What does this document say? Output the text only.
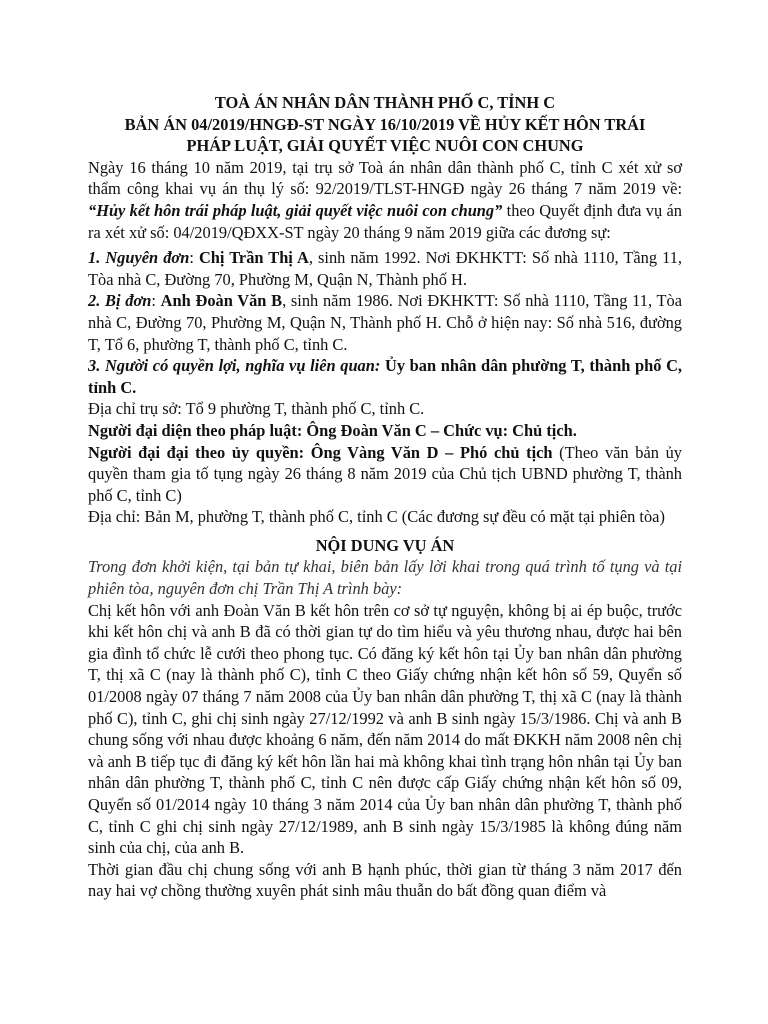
TOÀ ÁN NHÂN DÂN THÀNH PHỐ C, TỈNH C

BẢN ÁN 04/2019/HNGĐ-ST NGÀY 16/10/2019 VỀ HỦY KẾT HÔN TRÁI

PHÁP LUẬT, GIẢI QUYẾT VIỆC NUÔI CON CHUNG

Ngày 16 tháng 10 năm 2019, tại trụ sở Toà án nhân dân thành phố C, tỉnh C xét xử sơ thẩm công khai vụ án thụ lý số: 92/2019/TLST-HNGĐ ngày 26 tháng 7 năm 2019 về: “Hủy kết hôn trái pháp luật, giải quyết việc nuôi con chung” theo Quyết định đưa vụ án ra xét xử số: 04/2019/QĐXX-ST ngày 20 tháng 9 năm 2019 giữa các đương sự:

1. Nguyên đơn: Chị Trần Thị A, sinh năm 1992. Nơi ĐKHKTT: Số nhà 1110, Tầng 11, Tòa nhà C, Đường 70, Phường M, Quận N, Thành phố H.

2. Bị đơn: Anh Đoàn Văn B, sinh năm 1986. Nơi ĐKHKTT: Số nhà 1110, Tầng 11, Tòa nhà C, Đường 70, Phường M, Quận N, Thành phố H. Chỗ ở hiện nay: Số nhà 516, đường T, Tổ 6, phường T, thành phố C, tỉnh C.

3. Người có quyền lợi, nghĩa vụ liên quan: Ủy ban nhân dân phường T, thành phố C, tỉnh C.

Địa chỉ trụ sở: Tổ 9 phường T, thành phố C, tỉnh C.

Người đại diện theo pháp luật: Ông Đoàn Văn C – Chức vụ: Chủ tịch.

Người đại đại theo ủy quyền: Ông Vàng Văn D – Phó chủ tịch (Theo văn bản ủy quyền tham gia tố tụng ngày 26 tháng 8 năm 2019 của Chủ tịch UBND phường T, thành phố C, tỉnh C)

Địa chỉ: Bản M, phường T, thành phố C, tỉnh C (Các đương sự đều có mặt tại phiên tòa)

NỘI DUNG VỤ ÁN

Trong đơn khởi kiện, tại bản tự khai, biên bản lấy lời khai trong quá trình tố tụng và tại phiên tòa, nguyên đơn chị Trần Thị A trình bày:

Chị kết hôn với anh Đoàn Văn B kết hôn trên cơ sở tự nguyện, không bị ai ép buộc, trước khi kết hôn chị và anh B đã có thời gian tự do tìm hiểu và yêu thương nhau, được hai bên gia đình tổ chức lễ cưới theo phong tục. Có đăng ký kết hôn tại Ủy ban nhân dân phường T, thị xã C (nay là thành phố C), tỉnh C theo Giấy chứng nhận kết hôn số 59, Quyển số 01/2008 ngày 07 tháng 7 năm 2008 của Ủy ban nhân dân phường T, thị xã C (nay là thành phố C), tỉnh C, ghi chị sinh ngày 27/12/1992 và anh B sinh ngày 15/3/1986. Chị và anh B chung sống với nhau được khoảng 6 năm, đến năm 2014 do mất ĐKKH năm 2008 nên chị và anh B tiếp tục đi đăng ký kết hôn lần hai mà không khai tình trạng hôn nhân tại Ủy ban nhân dân phường T, thành phố C, tỉnh C nên được cấp Giấy chứng nhận kết hôn số 09, Quyển số 01/2014 ngày 10 tháng 3 năm 2014 của Ủy ban nhân dân phường T, thành phố C, tỉnh C ghi chị sinh ngày 27/12/1989, anh B sinh ngày 15/3/1985 là không đúng năm sinh của chị, của anh B.

Thời gian đầu chị chung sống với anh B hạnh phúc, thời gian từ tháng 3 năm 2017 đến nay hai vợ chồng thường xuyên phát sinh mâu thuẫn do bất đồng quan điểm và
